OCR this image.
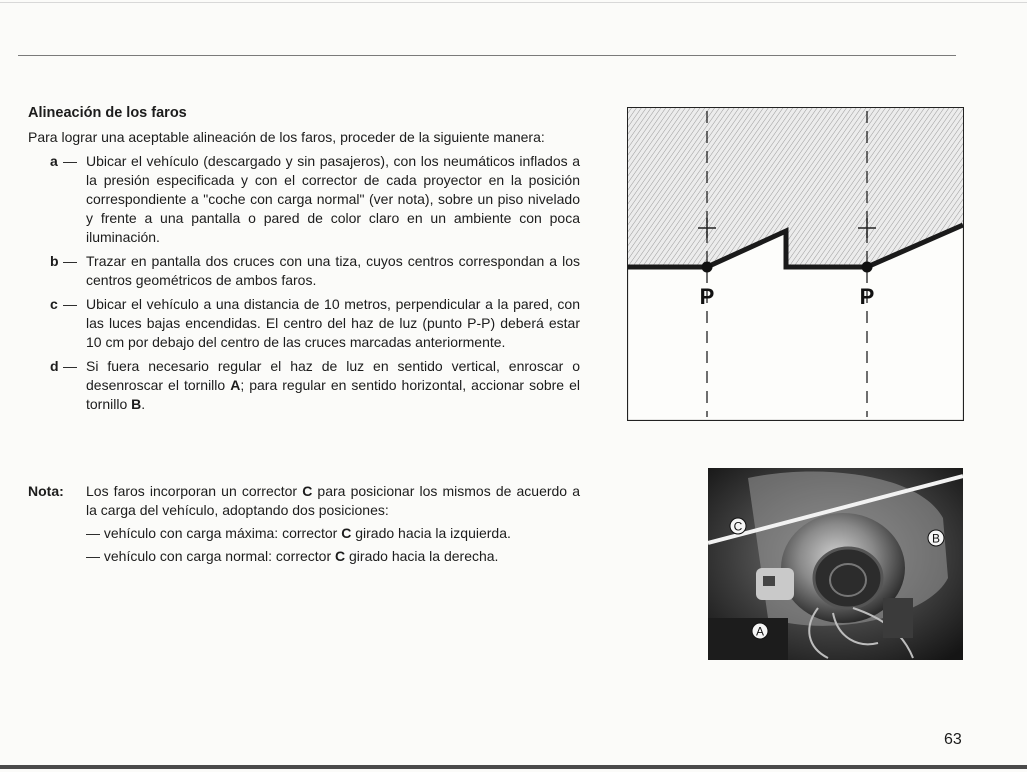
Alineación de los faros

Para lograr una aceptable alineación de los faros, proceder de la siguiente manera:

a — Ubicar el vehículo (descargado y sin pasajeros), con los neumáticos inflados a la presión especificada y con el corrector de cada proyector en la posición correspondiente a "coche con carga normal" (ver nota), sobre un piso nivelado y frente a una pantalla o pared de color claro en un ambiente con poca iluminación.
b — Trazar en pantalla dos cruces con una tiza, cuyos centros correspondan a los centros geométricos de ambos faros.
c — Ubicar el vehículo a una distancia de 10 metros, perpendicular a la pared, con las luces bajas encendidas. El centro del haz de luz (punto P-P) deberá estar 10 cm por debajo del centro de las cruces marcadas anteriormente.
d — Si fuera necesario regular el haz de luz en sentido vertical, enroscar o desenroscar el tornillo A; para regular en sentido horizontal, accionar sobre el tornillo B.
Nota: Los faros incorporan un corrector C para posicionar los mismos de acuerdo a la carga del vehículo, adoptando dos posiciones:
— vehículo con carga máxima: corrector C girado hacia la izquierda.
— vehículo con carga normal: corrector C girado hacia la derecha.
P	P
C
B
A
63
